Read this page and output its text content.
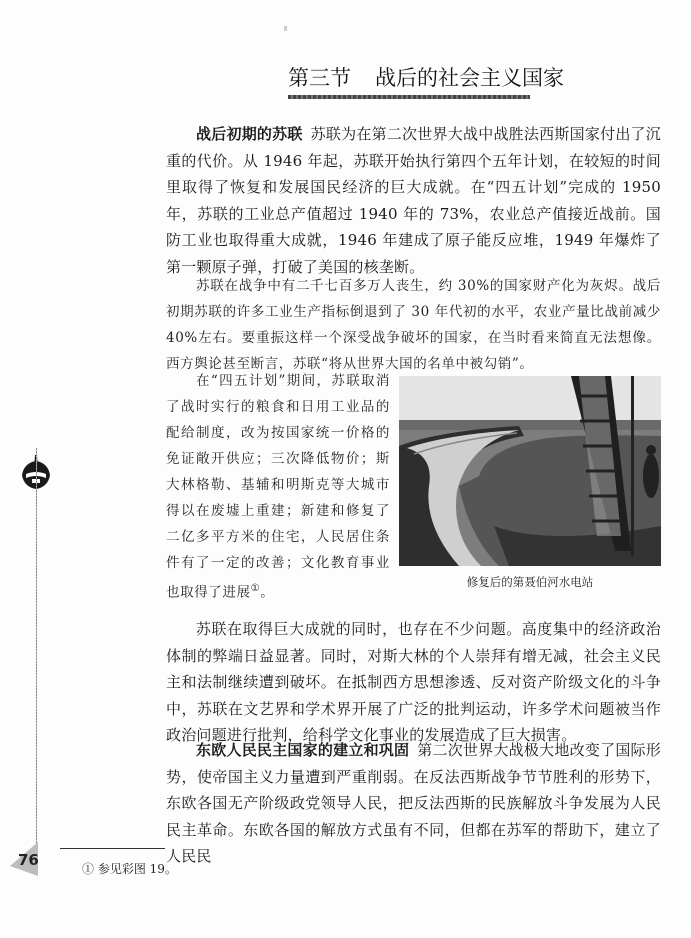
第三节 战后的社会主义国家

战后初期的苏联 苏联为在第二次世界大战中战胜法西斯国家付出了沉重的代价。从 1946 年起，苏联开始执行第四个五年计划，在较短的时间里取得了恢复和发展国民经济的巨大成就。在“四五计划”完成的 1950 年，苏联的工业总产值超过 1940 年的 73%，农业总产值接近战前。国防工业也取得重大成就，1946 年建成了原子能反应堆，1949 年爆炸了第一颗原子弹，打破了美国的核垄断。

苏联在战争中有二千七百多万人丧生，约 30%的国家财产化为灰烬。战后初期苏联的许多工业生产指标倒退到了 30 年代初的水平，农业产量比战前减少 40%左右。要重振这样一个深受战争破坏的国家，在当时看来简直无法想像。西方舆论甚至断言，苏联“将从世界大国的名单中被勾销”。

在“四五计划”期间，苏联取消了战时实行的粮食和日用工业品的配给制度，改为按国家统一价格的免证敞开供应；三次降低物价；斯大林格勒、基辅和明斯克等大城市得以在废墟上重建；新建和修复了二亿多平方米的住宅，人民居住条件有了一定的改善；文化教育事业也取得了进展①。

修复后的第聂伯河水电站

苏联在取得巨大成就的同时，也存在不少问题。高度集中的经济政治体制的弊端日益显著。同时，对斯大林的个人崇拜有增无减，社会主义民主和法制继续遭到破坏。在抵制西方思想渗透、反对资产阶级文化的斗争中，苏联在文艺界和学术界开展了广泛的批判运动，许多学术问题被当作政治问题进行批判，给科学文化事业的发展造成了巨大损害。

东欧人民民主国家的建立和巩固 第二次世界大战极大地改变了国际形势，使帝国主义力量遭到严重削弱。在反法西斯战争节节胜利的形势下，东欧各国无产阶级政党领导人民，把反法西斯的民族解放斗争发展为人民民主革命。东欧各国的解放方式虽有不同，但都在苏军的帮助下，建立了人民民

76	① 参见彩图 19。
